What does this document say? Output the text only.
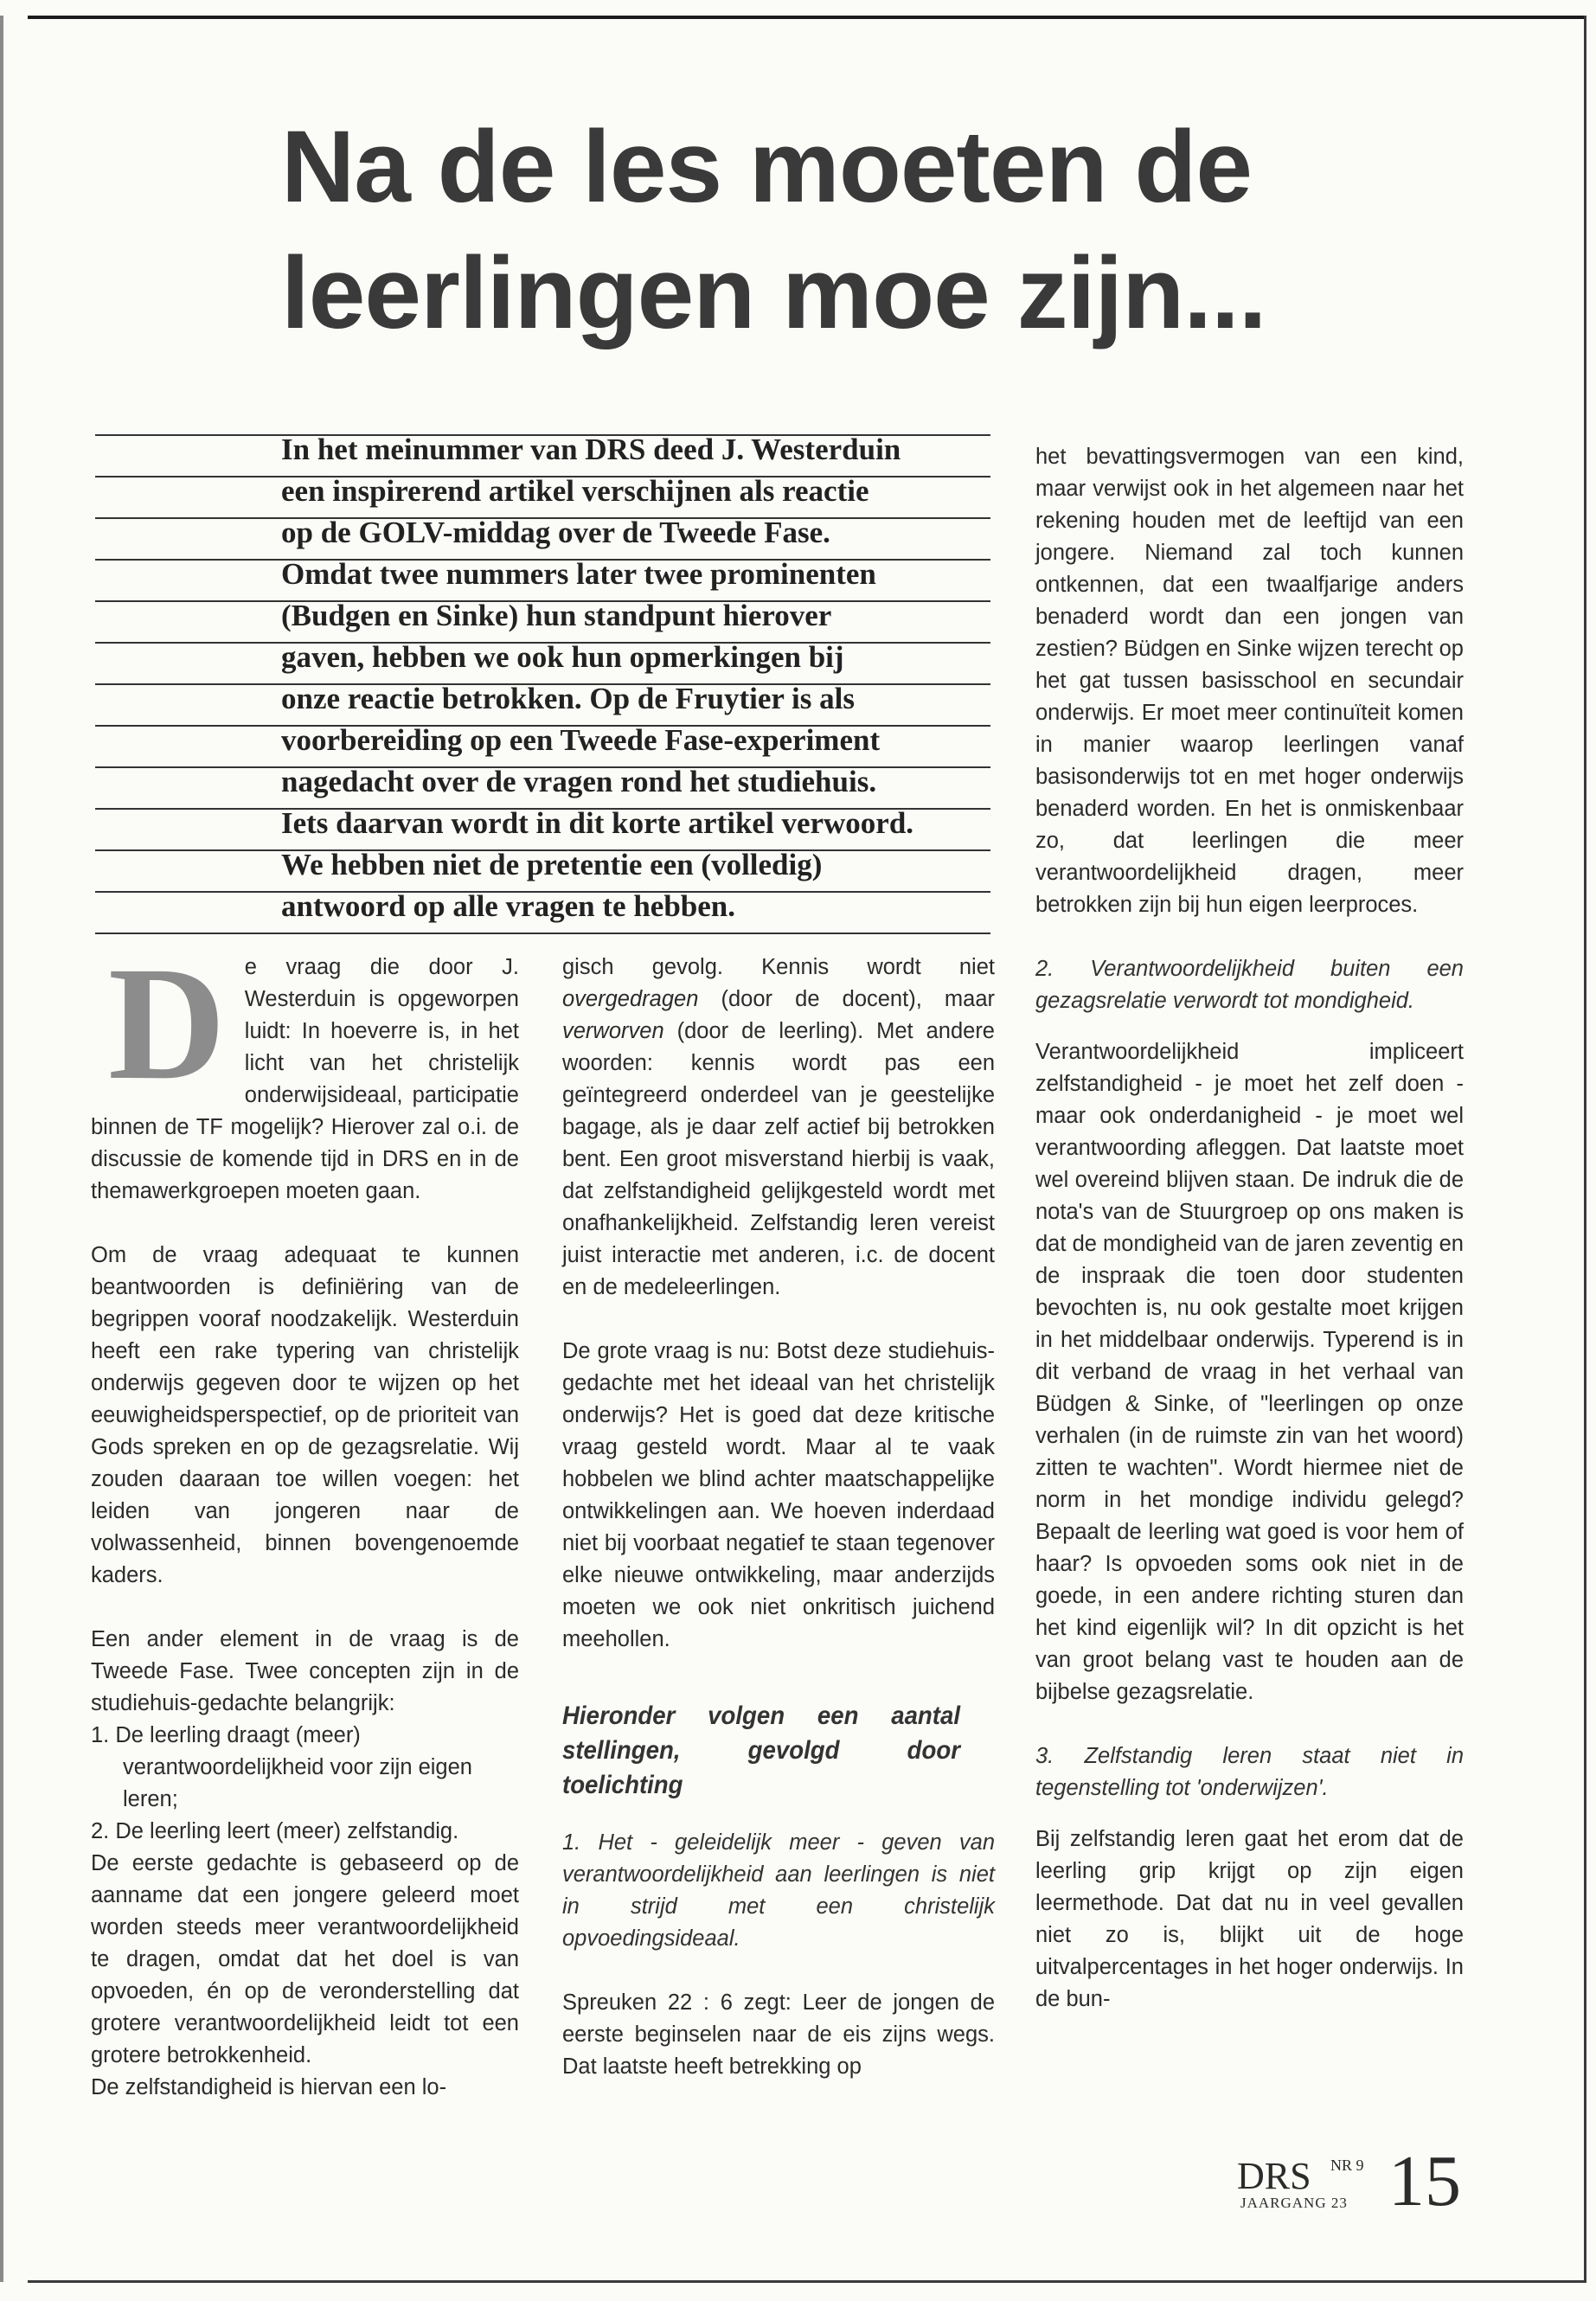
Na de les moeten de
leerlingen moe zijn...
In het meinummer van DRS deed J. Westerduin
een inspirerend artikel verschijnen als reactie
op de GOLV-middag over de Tweede Fase.
Omdat twee nummers later twee prominenten
(Budgen en Sinke) hun standpunt hierover
gaven, hebben we ook hun opmerkingen bij
onze reactie betrokken. Op de Fruytier is als
voorbereiding op een Tweede Fase-experiment
nagedacht over de vragen rond het studiehuis.
Iets daarvan wordt in dit korte artikel verwoord.
We hebben niet de pretentie een (volledig)
antwoord op alle vragen te hebben.
D e vraag die door J. Westerduin is opgeworpen luidt: In hoeverre is, in het licht van het christelijk onderwijsideaal, participatie binnen de TF mogelijk? Hierover zal o.i. de discussie de komende tijd in DRS en in de themawerkgroepen moeten gaan.

Om de vraag adequaat te kunnen beantwoorden is definiëring van de begrippen vooraf noodzakelijk. Westerduin heeft een rake typering van christelijk onderwijs gegeven door te wijzen op het eeuwigheidsperspectief, op de prioriteit van Gods spreken en op de gezagsrelatie. Wij zouden daaraan toe willen voegen: het leiden van jongeren naar de volwassenheid, binnen bovengenoemde kaders.

Een ander element in de vraag is de Tweede Fase. Twee concepten zijn in de studiehuis-gedachte belangrijk:

1. De leerling draagt (meer) verantwoordelijkheid voor zijn eigen leren;

2. De leerling leert (meer) zelfstandig.

De eerste gedachte is gebaseerd op de aanname dat een jongere geleerd moet worden steeds meer verantwoordelijkheid te dragen, omdat dat het doel is van opvoeden, én op de veronderstelling dat grotere verantwoordelijkheid leidt tot een grotere betrokkenheid.

De zelfstandigheid is hiervan een lo-

gisch gevolg. Kennis wordt niet overgedragen (door de docent), maar verworven (door de leerling). Met andere woorden: kennis wordt pas een geïntegreerd onderdeel van je geestelijke bagage, als je daar zelf actief bij betrokken bent. Een groot misverstand hierbij is vaak, dat zelfstandigheid gelijkgesteld wordt met onafhankelijkheid. Zelfstandig leren vereist juist interactie met anderen, i.c. de docent en de medeleerlingen.

De grote vraag is nu: Botst deze studiehuis-gedachte met het ideaal van het christelijk onderwijs? Het is goed dat deze kritische vraag gesteld wordt. Maar al te vaak hobbelen we blind achter maatschappelijke ontwikkelingen aan. We hoeven inderdaad niet bij voorbaat negatief te staan tegenover elke nieuwe ontwikkeling, maar anderzijds moeten we ook niet onkritisch juichend meehollen.

Hieronder volgen een aantal stellingen, gevolgd door toelichting

1. Het - geleidelijk meer - geven van verantwoordelijkheid aan leerlingen is niet in strijd met een christelijk opvoedingsideaal.

Spreuken 22 : 6 zegt: Leer de jongen de eerste beginselen naar de eis zijns wegs. Dat laatste heeft betrekking op

het bevattingsvermogen van een kind, maar verwijst ook in het algemeen naar het rekening houden met de leeftijd van een jongere. Niemand zal toch kunnen ontkennen, dat een twaalfjarige anders benaderd wordt dan een jongen van zestien? Büdgen en Sinke wijzen terecht op het gat tussen basisschool en secundair onderwijs. Er moet meer continuïteit komen in manier waarop leerlingen vanaf basisonderwijs tot en met hoger onderwijs benaderd worden. En het is onmiskenbaar zo, dat leerlingen die meer verantwoordelijkheid dragen, meer betrokken zijn bij hun eigen leerproces.

2. Verantwoordelijkheid buiten een gezagsrelatie verwordt tot mondigheid.

Verantwoordelijkheid impliceert zelfstandigheid - je moet het zelf doen - maar ook onderdanigheid - je moet wel verantwoording afleggen. Dat laatste moet wel overeind blijven staan. De indruk die de nota's van de Stuurgroep op ons maken is dat de mondigheid van de jaren zeventig en de inspraak die toen door studenten bevochten is, nu ook gestalte moet krijgen in het middelbaar onderwijs. Typerend is in dit verband de vraag in het verhaal van Büdgen & Sinke, of "leerlingen op onze verhalen (in de ruimste zin van het woord) zitten te wachten". Wordt hiermee niet de norm in het mondige individu gelegd? Bepaalt de leerling wat goed is voor hem of haar? Is opvoeden soms ook niet in de goede, in een andere richting sturen dan het kind eigenlijk wil? In dit opzicht is het van groot belang vast te houden aan de bijbelse gezagsrelatie.

3. Zelfstandig leren staat niet in tegenstelling tot 'onderwijzen'.

Bij zelfstandig leren gaat het erom dat de leerling grip krijgt op zijn eigen leermethode. Dat dat nu in veel gevallen niet zo is, blijkt uit de hoge uitvalpercentages in het hoger onderwijs. In de bun-

DRS NR 9
JAARGANG 23 15
